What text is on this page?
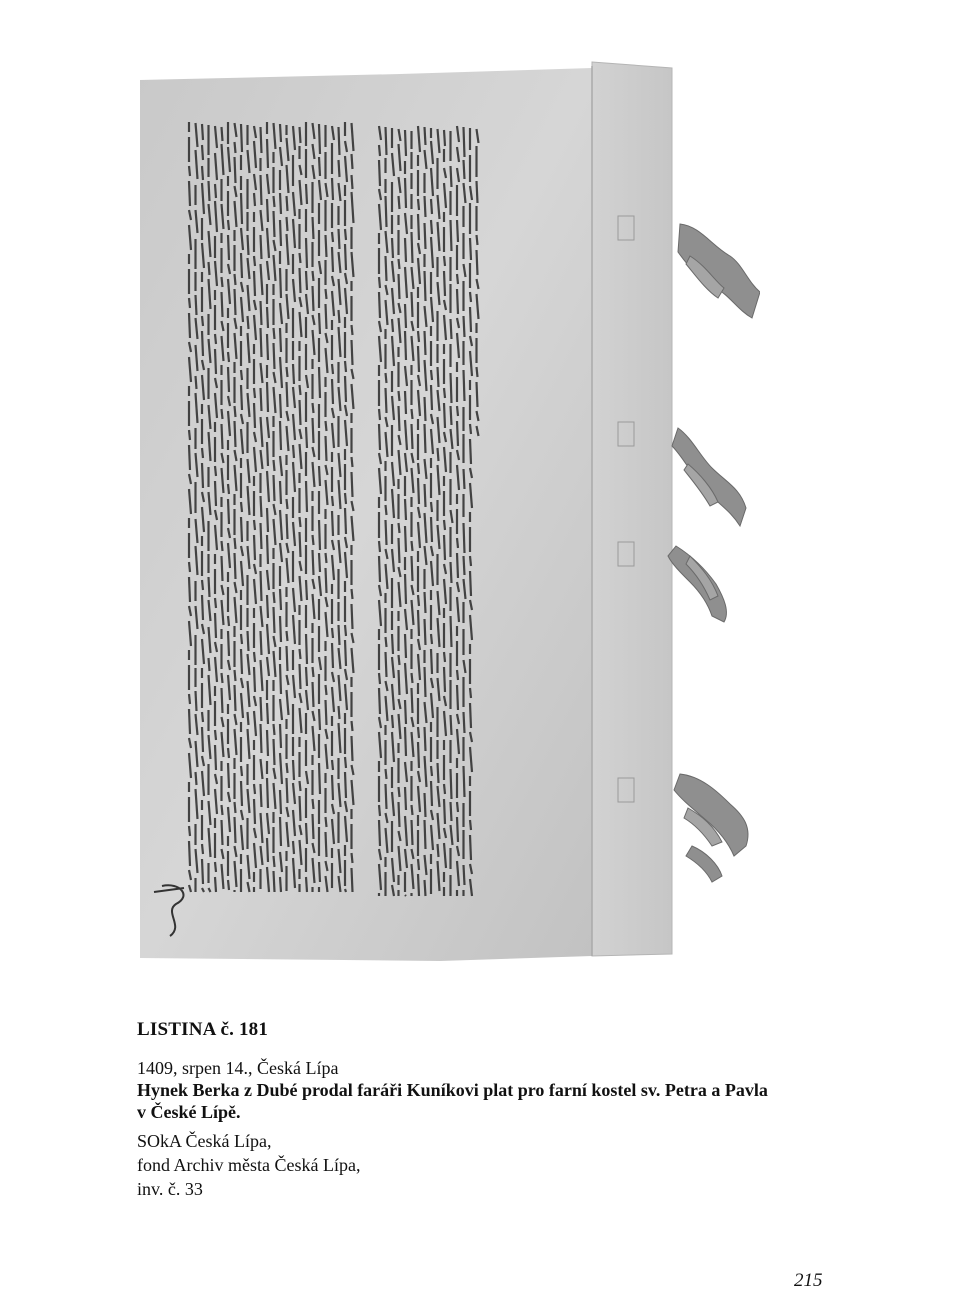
LISTINA č. 181
1409, srpen 14., Česká Lípa
Hynek Berka z Dubé prodal faráři Kuníkovi plat pro farní kostel sv. Petra a Pavla
v České Lípě.
SOkA Česká Lípa,
fond Archiv města Česká Lípa,
inv. č. 33
215
